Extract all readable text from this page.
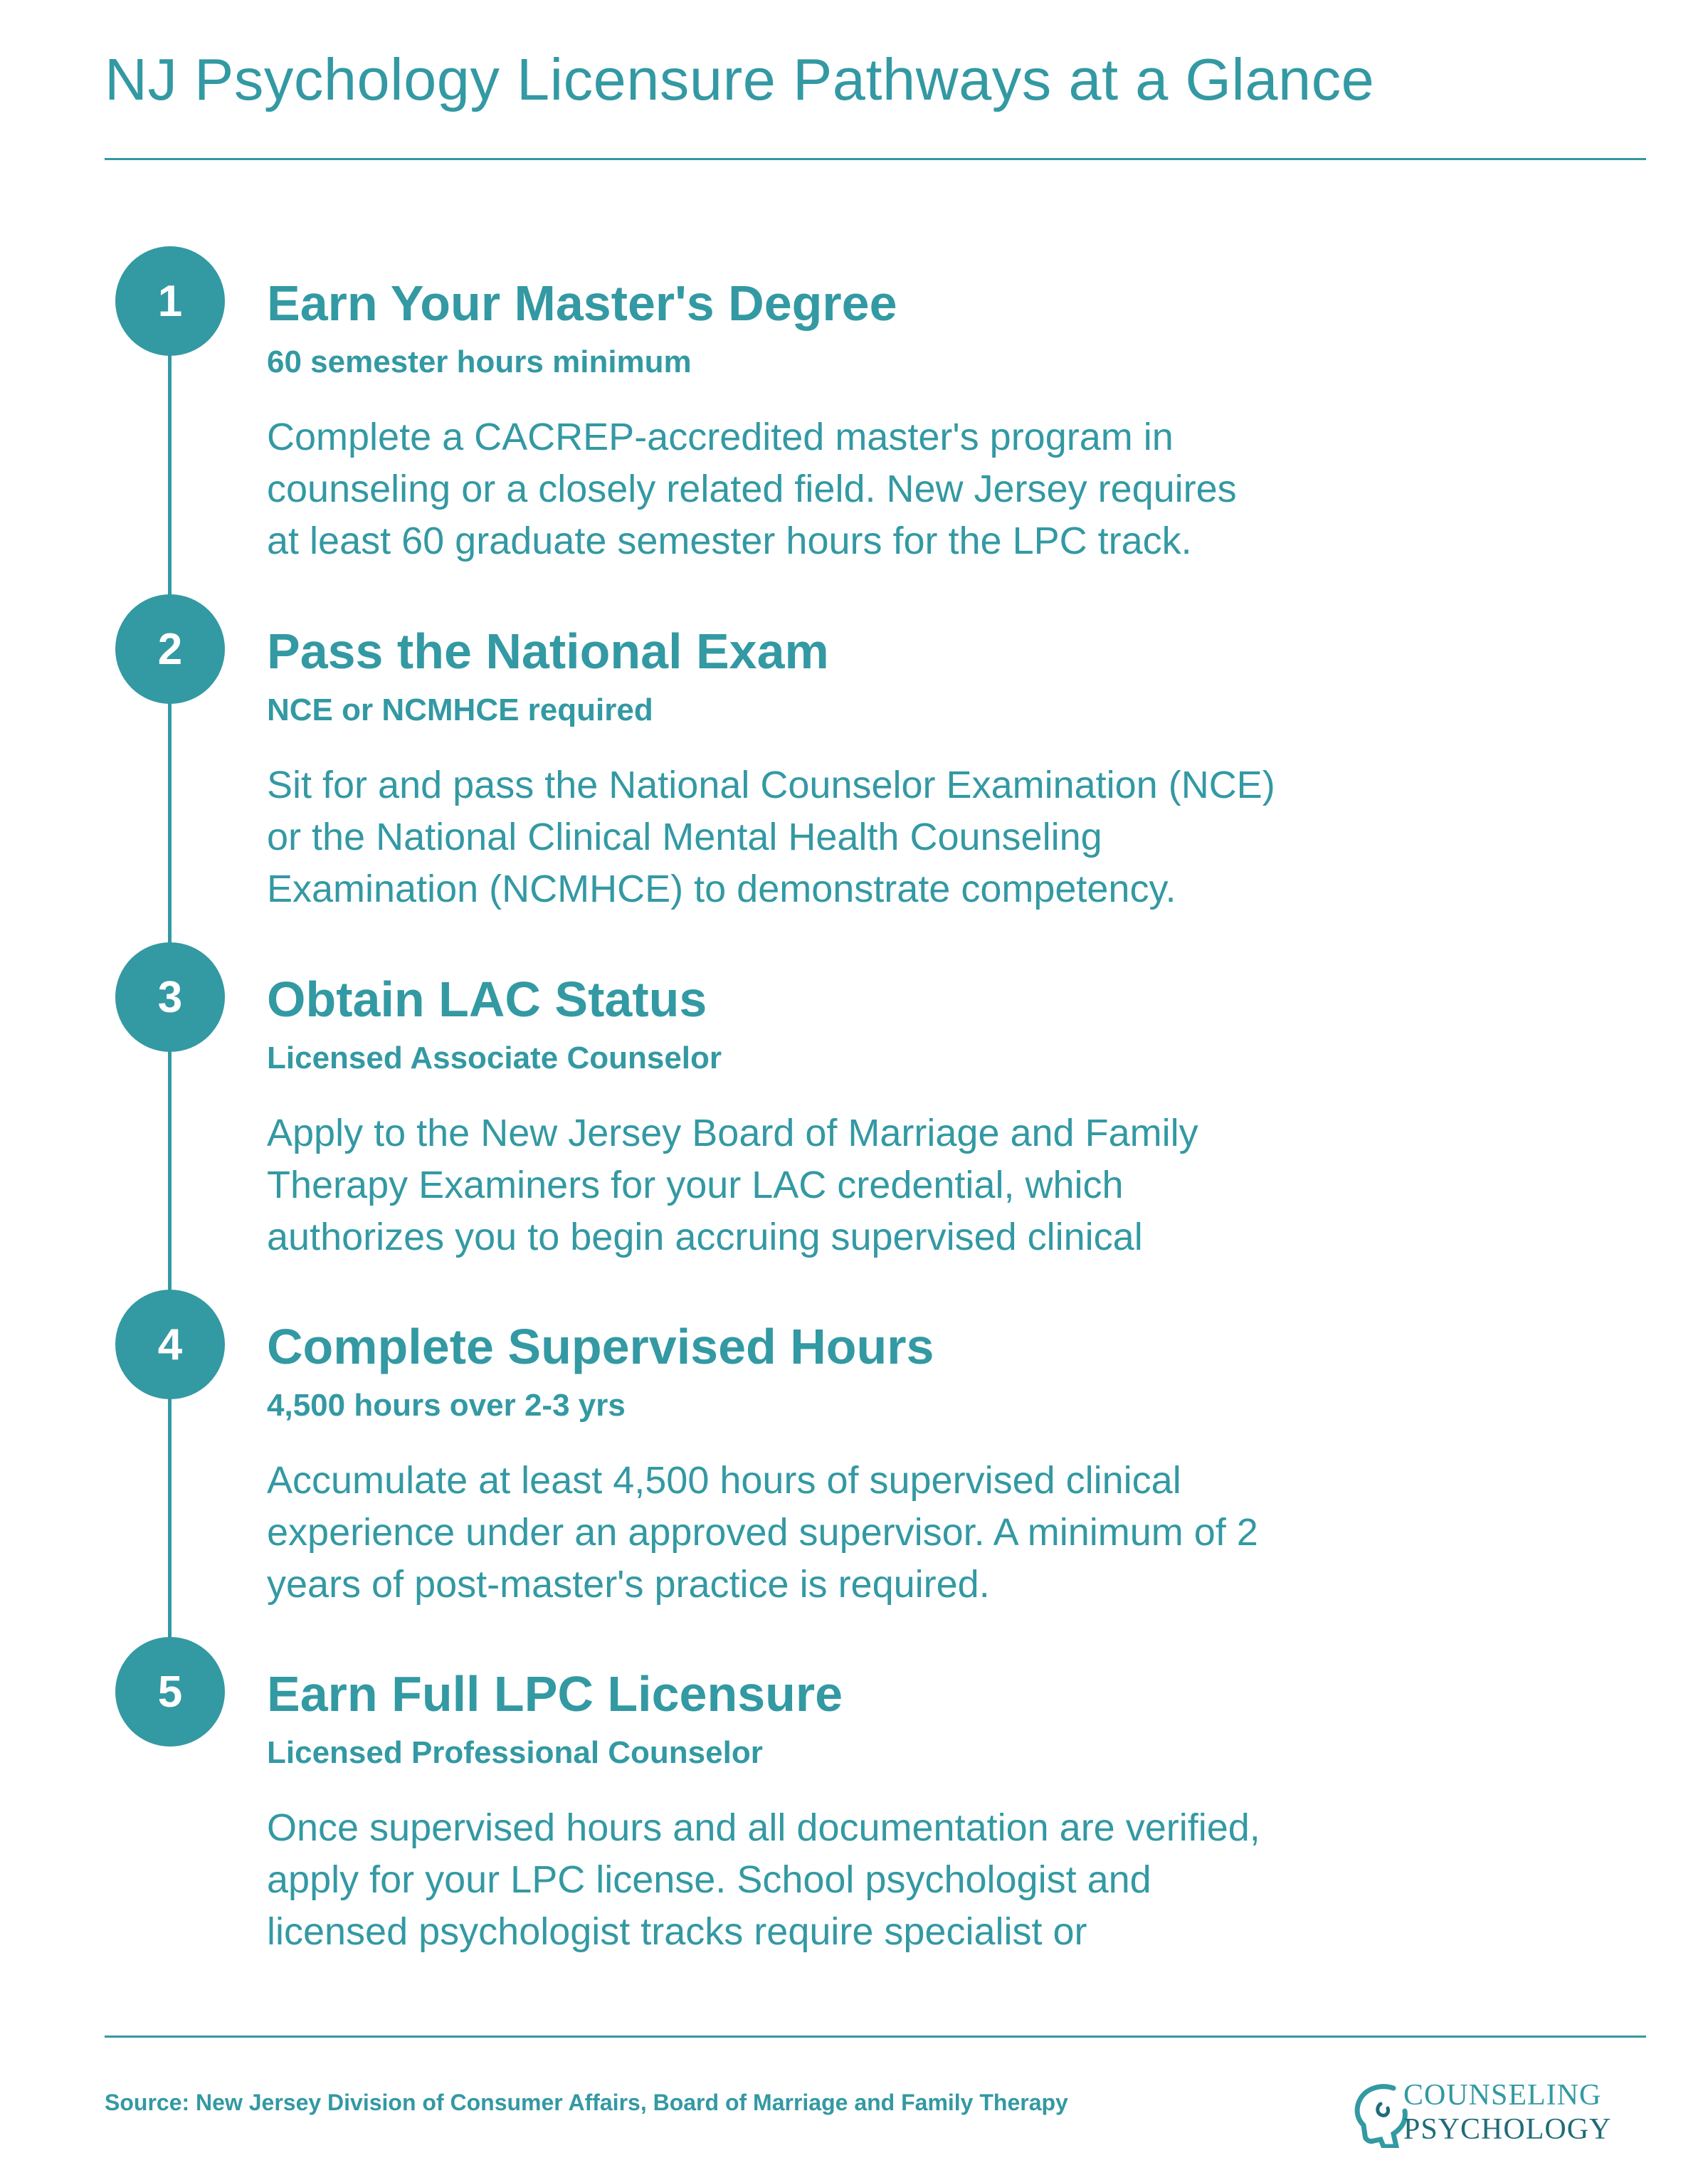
NJ Psychology Licensure Pathways at a Glance
1	Earn Your Master's Degree
60 semester hours minimum
Complete a CACREP-accredited master's program in
counseling or a closely related field. New Jersey requires
at least 60 graduate semester hours for the LPC track.
2	Pass the National Exam
NCE or NCMHCE required
Sit for and pass the National Counselor Examination (NCE)
or the National Clinical Mental Health Counseling
Examination (NCMHCE) to demonstrate competency.
3	Obtain LAC Status
Licensed Associate Counselor
Apply to the New Jersey Board of Marriage and Family
Therapy Examiners for your LAC credential, which
authorizes you to begin accruing supervised clinical
4	Complete Supervised Hours
4,500 hours over 2-3 yrs
Accumulate at least 4,500 hours of supervised clinical
experience under an approved supervisor. A minimum of 2
years of post-master's practice is required.
5	Earn Full LPC Licensure
Licensed Professional Counselor
Once supervised hours and all documentation are verified,
apply for your LPC license. School psychologist and
licensed psychologist tracks require specialist or
Source: New Jersey Division of Consumer Affairs, Board of Marriage and Family Therapy	COUNSELING
PSYCHOLOGY
